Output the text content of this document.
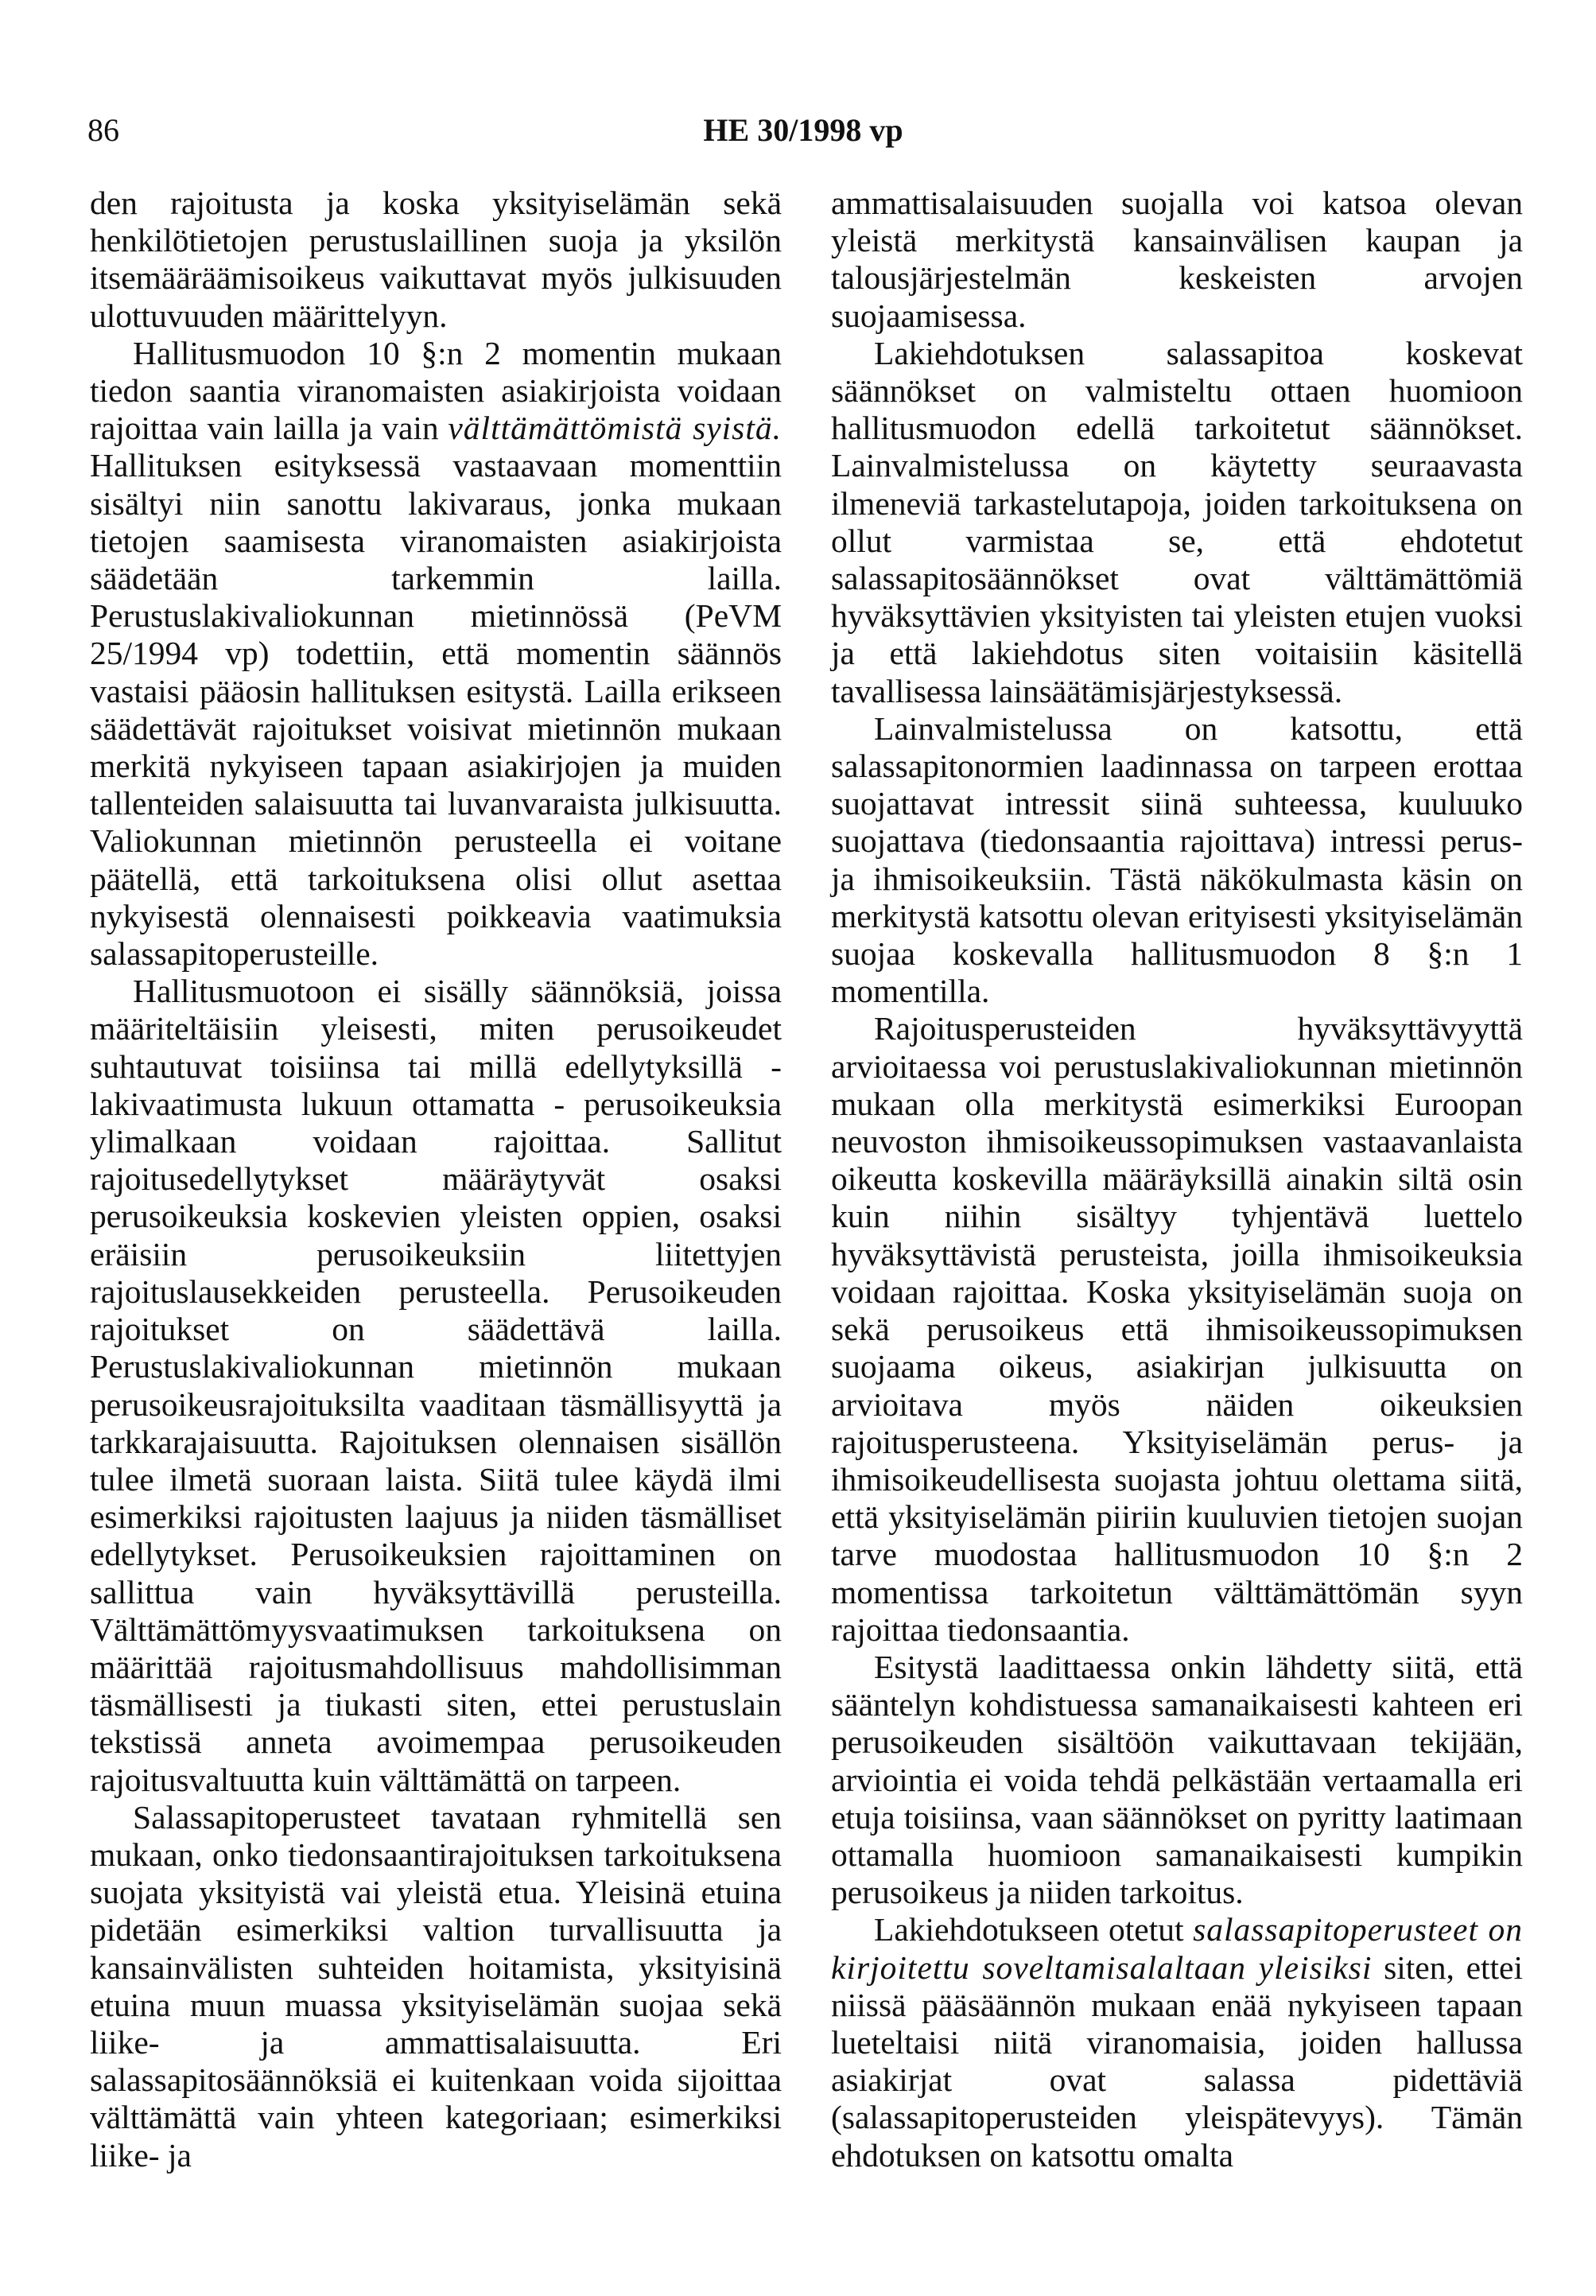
86	HE 30/1998 vp

den rajoitusta ja koska yksityiselämän sekä henkilötietojen perustuslaillinen suoja ja yksilön itsemääräämisoikeus vaikuttavat myös julkisuuden ulottuvuuden määrittelyyn.

Hallitusmuodon 10 §:n 2 momentin mukaan tiedon saantia viranomaisten asiakirjoista voidaan rajoittaa vain lailla ja vain välttämättömistä syistä. Hallituksen esityksessä vastaavaan momenttiin sisältyi niin sanottu lakivaraus, jonka mukaan tietojen saamisesta viranomaisten asiakirjoista säädetään tarkemmin lailla. Perustuslakivaliokunnan mietinnössä (PeVM 25/1994 vp) todettiin, että momentin säännös vastaisi pääosin hallituksen esitystä. Lailla erikseen säädettävät rajoitukset voisivat mietinnön mukaan merkitä nykyiseen tapaan asiakirjojen ja muiden tallenteiden salaisuutta tai luvanvaraista julkisuutta. Valiokunnan mietinnön perusteella ei voitane päätellä, että tarkoituksena olisi ollut asettaa nykyisestä olennaisesti poikkeavia vaatimuksia salassapitoperusteille.

Hallitusmuotoon ei sisälly säännöksiä, joissa määriteltäisiin yleisesti, miten perusoikeudet suhtautuvat toisiinsa tai millä edellytyksillä - lakivaatimusta lukuun ottamatta - perusoikeuksia ylimalkaan voidaan rajoittaa. Sallitut rajoitusedellytykset määräytyvät osaksi perusoikeuksia koskevien yleisten oppien, osaksi eräisiin perusoikeuksiin liitettyjen rajoituslausekkeiden perusteella. Perusoikeuden rajoitukset on säädettävä lailla. Perustuslakivaliokunnan mietinnön mukaan perusoikeusrajoituksilta vaaditaan täsmällisyyttä ja tarkkarajaisuutta. Rajoituksen olennaisen sisällön tulee ilmetä suoraan laista. Siitä tulee käydä ilmi esimerkiksi rajoitusten laajuus ja niiden täsmälliset edellytykset. Perusoikeuksien rajoittaminen on sallittua vain hyväksyttävillä perusteilla. Välttämättömyysvaatimuksen tarkoituksena on määrittää rajoitusmahdollisuus mahdollisimman täsmällisesti ja tiukasti siten, ettei perustuslain tekstissä anneta avoimempaa perusoikeuden rajoitusvaltuutta kuin välttämättä on tarpeen.

Salassapitoperusteet tavataan ryhmitellä sen mukaan, onko tiedonsaantirajoituksen tarkoituksena suojata yksityistä vai yleistä etua. Yleisinä etuina pidetään esimerkiksi valtion turvallisuutta ja kansainvälisten suhteiden hoitamista, yksityisinä etuina muun muassa yksityiselämän suojaa sekä liike- ja ammattisalaisuutta. Eri salassapitosäännöksiä ei kuitenkaan voida sijoittaa välttämättä vain yhteen kategoriaan; esimerkiksi liike- ja

ammattisalaisuuden suojalla voi katsoa olevan yleistä merkitystä kansainvälisen kaupan ja talousjärjestelmän keskeisten arvojen suojaamisessa.

Lakiehdotuksen salassapitoa koskevat säännökset on valmisteltu ottaen huomioon hallitusmuodon edellä tarkoitetut säännökset. Lainvalmistelussa on käytetty seuraavasta ilmeneviä tarkastelutapoja, joiden tarkoituksena on ollut varmistaa se, että ehdotetut salassapitosäännökset ovat välttämättömiä hyväksyttävien yksityisten tai yleisten etujen vuoksi ja että lakiehdotus siten voitaisiin käsitellä tavallisessa lainsäätämisjärjestyksessä.

Lainvalmistelussa on katsottu, että salassapitonormien laadinnassa on tarpeen erottaa suojattavat intressit siinä suhteessa, kuuluuko suojattava (tiedonsaantia rajoittava) intressi perus- ja ihmisoikeuksiin. Tästä näkökulmasta käsin on merkitystä katsottu olevan erityisesti yksityiselämän suojaa koskevalla hallitusmuodon 8 §:n 1 momentilla.

Rajoitusperusteiden hyväksyttävyyttä arvioitaessa voi perustuslakivaliokunnan mietinnön mukaan olla merkitystä esimerkiksi Euroopan neuvoston ihmisoikeussopimuksen vastaavanlaista oikeutta koskevilla määräyksillä ainakin siltä osin kuin niihin sisältyy tyhjentävä luettelo hyväksyttävistä perusteista, joilla ihmisoikeuksia voidaan rajoittaa. Koska yksityiselämän suoja on sekä perusoikeus että ihmisoikeussopimuksen suojaama oikeus, asiakirjan julkisuutta on arvioitava myös näiden oikeuksien rajoitusperusteena. Yksityiselämän perus- ja ihmisoikeudellisesta suojasta johtuu olettama siitä, että yksityiselämän piiriin kuuluvien tietojen suojan tarve muodostaa hallitusmuodon 10 §:n 2 momentissa tarkoitetun välttämättömän syyn rajoittaa tiedonsaantia.

Esitystä laadittaessa onkin lähdetty siitä, että sääntelyn kohdistuessa samanaikaisesti kahteen eri perusoikeuden sisältöön vaikuttavaan tekijään, arviointia ei voida tehdä pelkästään vertaamalla eri etuja toisiinsa, vaan säännökset on pyritty laatimaan ottamalla huomioon samanaikaisesti kumpikin perusoikeus ja niiden tarkoitus.

Lakiehdotukseen otetut salassapitoperusteet on kirjoitettu soveltamisalaltaan yleisiksi siten, ettei niissä pääsäännön mukaan enää nykyiseen tapaan lueteltaisi niitä viranomaisia, joiden hallussa asiakirjat ovat salassa pidettäviä (salassapitoperusteiden yleispätevyys). Tämän ehdotuksen on katsottu omalta
